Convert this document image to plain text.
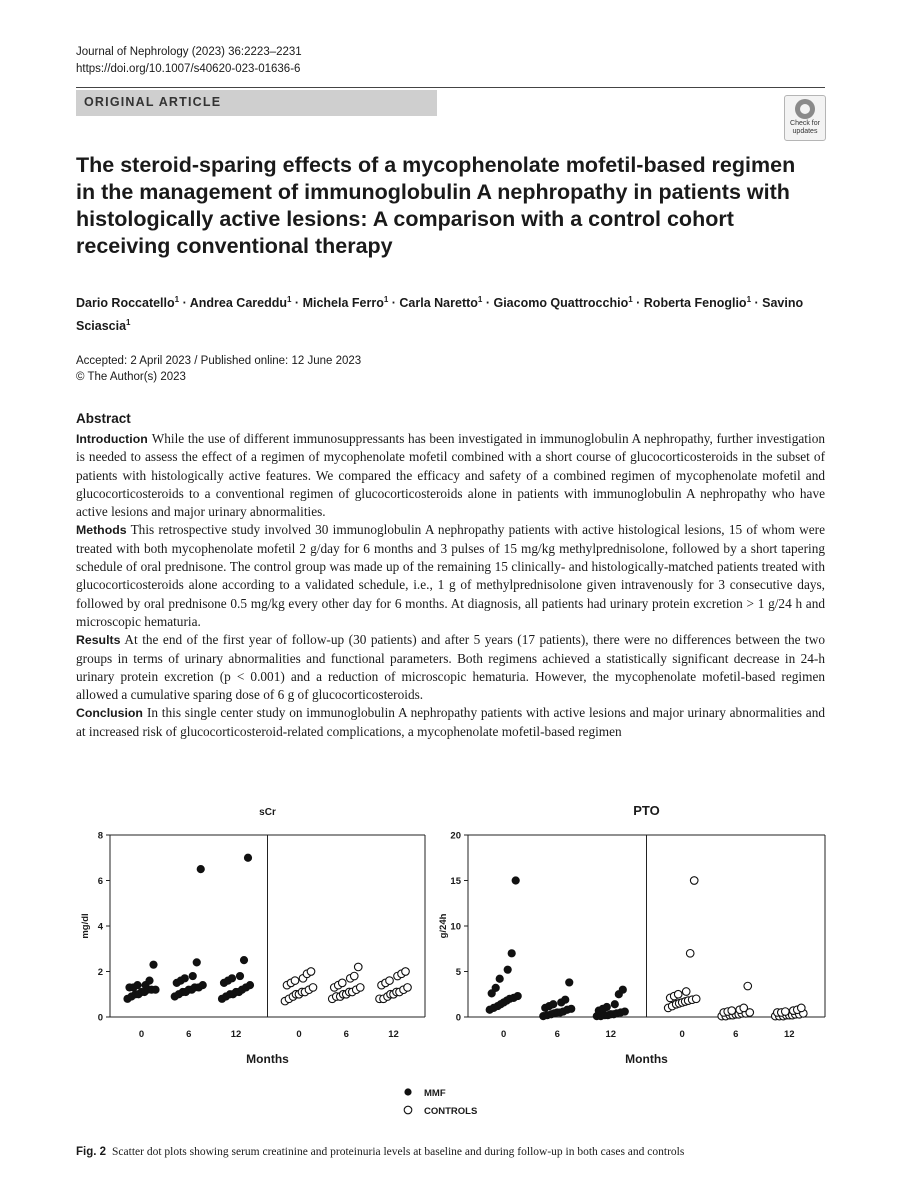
Journal of Nephrology (2023) 36:2223–2231
https://doi.org/10.1007/s40620-023-01636-6
ORIGINAL ARTICLE
Check for updates
The steroid-sparing effects of a mycophenolate mofetil-based regimen in the management of immunoglobulin A nephropathy in patients with histologically active lesions: A comparison with a control cohort receiving conventional therapy
Dario Roccatello$^1$ · Andrea Careddu$^1$ · Michela Ferro$^1$ · Carla Naretto$^1$ · Giacomo Quattrocchio$^1$ · Roberta Fenoglio$^1$ · Savino Sciascia$^1$
Accepted: 2 April 2023 / Published online: 12 June 2023
© The Author(s) 2023
Abstract

Introduction While the use of different immunosuppressants has been investigated in immunoglobulin A nephropathy, further investigation is needed to assess the effect of a regimen of mycophenolate mofetil combined with a short course of glucocorticosteroids in the subset of patients with histologically active features. We compared the efficacy and safety of a combined regimen of mycophenolate mofetil and glucocorticosteroids to a conventional regimen of glucocorticosteroids alone in patients with immunoglobulin A nephropathy who have active lesions and major urinary abnormalities.

Methods This retrospective study involved 30 immunoglobulin A nephropathy patients with active histological lesions, 15 of whom were treated with both mycophenolate mofetil 2 g/day for 6 months and 3 pulses of 15 mg/kg methylprednisolone, followed by a short tapering schedule of oral prednisone. The control group was made up of the remaining 15 clinically- and histologically-matched patients treated with glucocorticosteroids alone according to a validated schedule, i.e., 1 g of methylprednisolone given intravenously for 3 consecutive days, followed by oral prednisone 0.5 mg/kg every other day for 6 months. At diagnosis, all patients had urinary protein excretion > 1 g/24 h and microscopic hematuria.

Results At the end of the first year of follow-up (30 patients) and after 5 years (17 patients), there were no differences between the two groups in terms of urinary abnormalities and functional parameters. Both regimens achieved a statistically significant decrease in 24-h urinary protein excretion (p < 0.001) and a reduction of microscopic hematuria. However, the mycophenolate mofetil-based regimen allowed a cumulative sparing dose of 6 g of glucocorticosteroids.

Conclusion In this single center study on immunoglobulin A nephropathy patients with active lesions and major urinary abnormalities and at increased risk of glucocorticosteroid-related complications, a mycophenolate mofetil-based regimen

sCr
0
2
4
6
8
mg/dl
0	6	12	0	6	12
Months
PTO
0
5
10
15
20
g/24h
0	6	12	0	6	12
Months
MMF
CONTROLS
Fig. 2 Scatter dot plots showing serum creatinine and proteinuria levels at baseline and during follow-up in both cases and controls
